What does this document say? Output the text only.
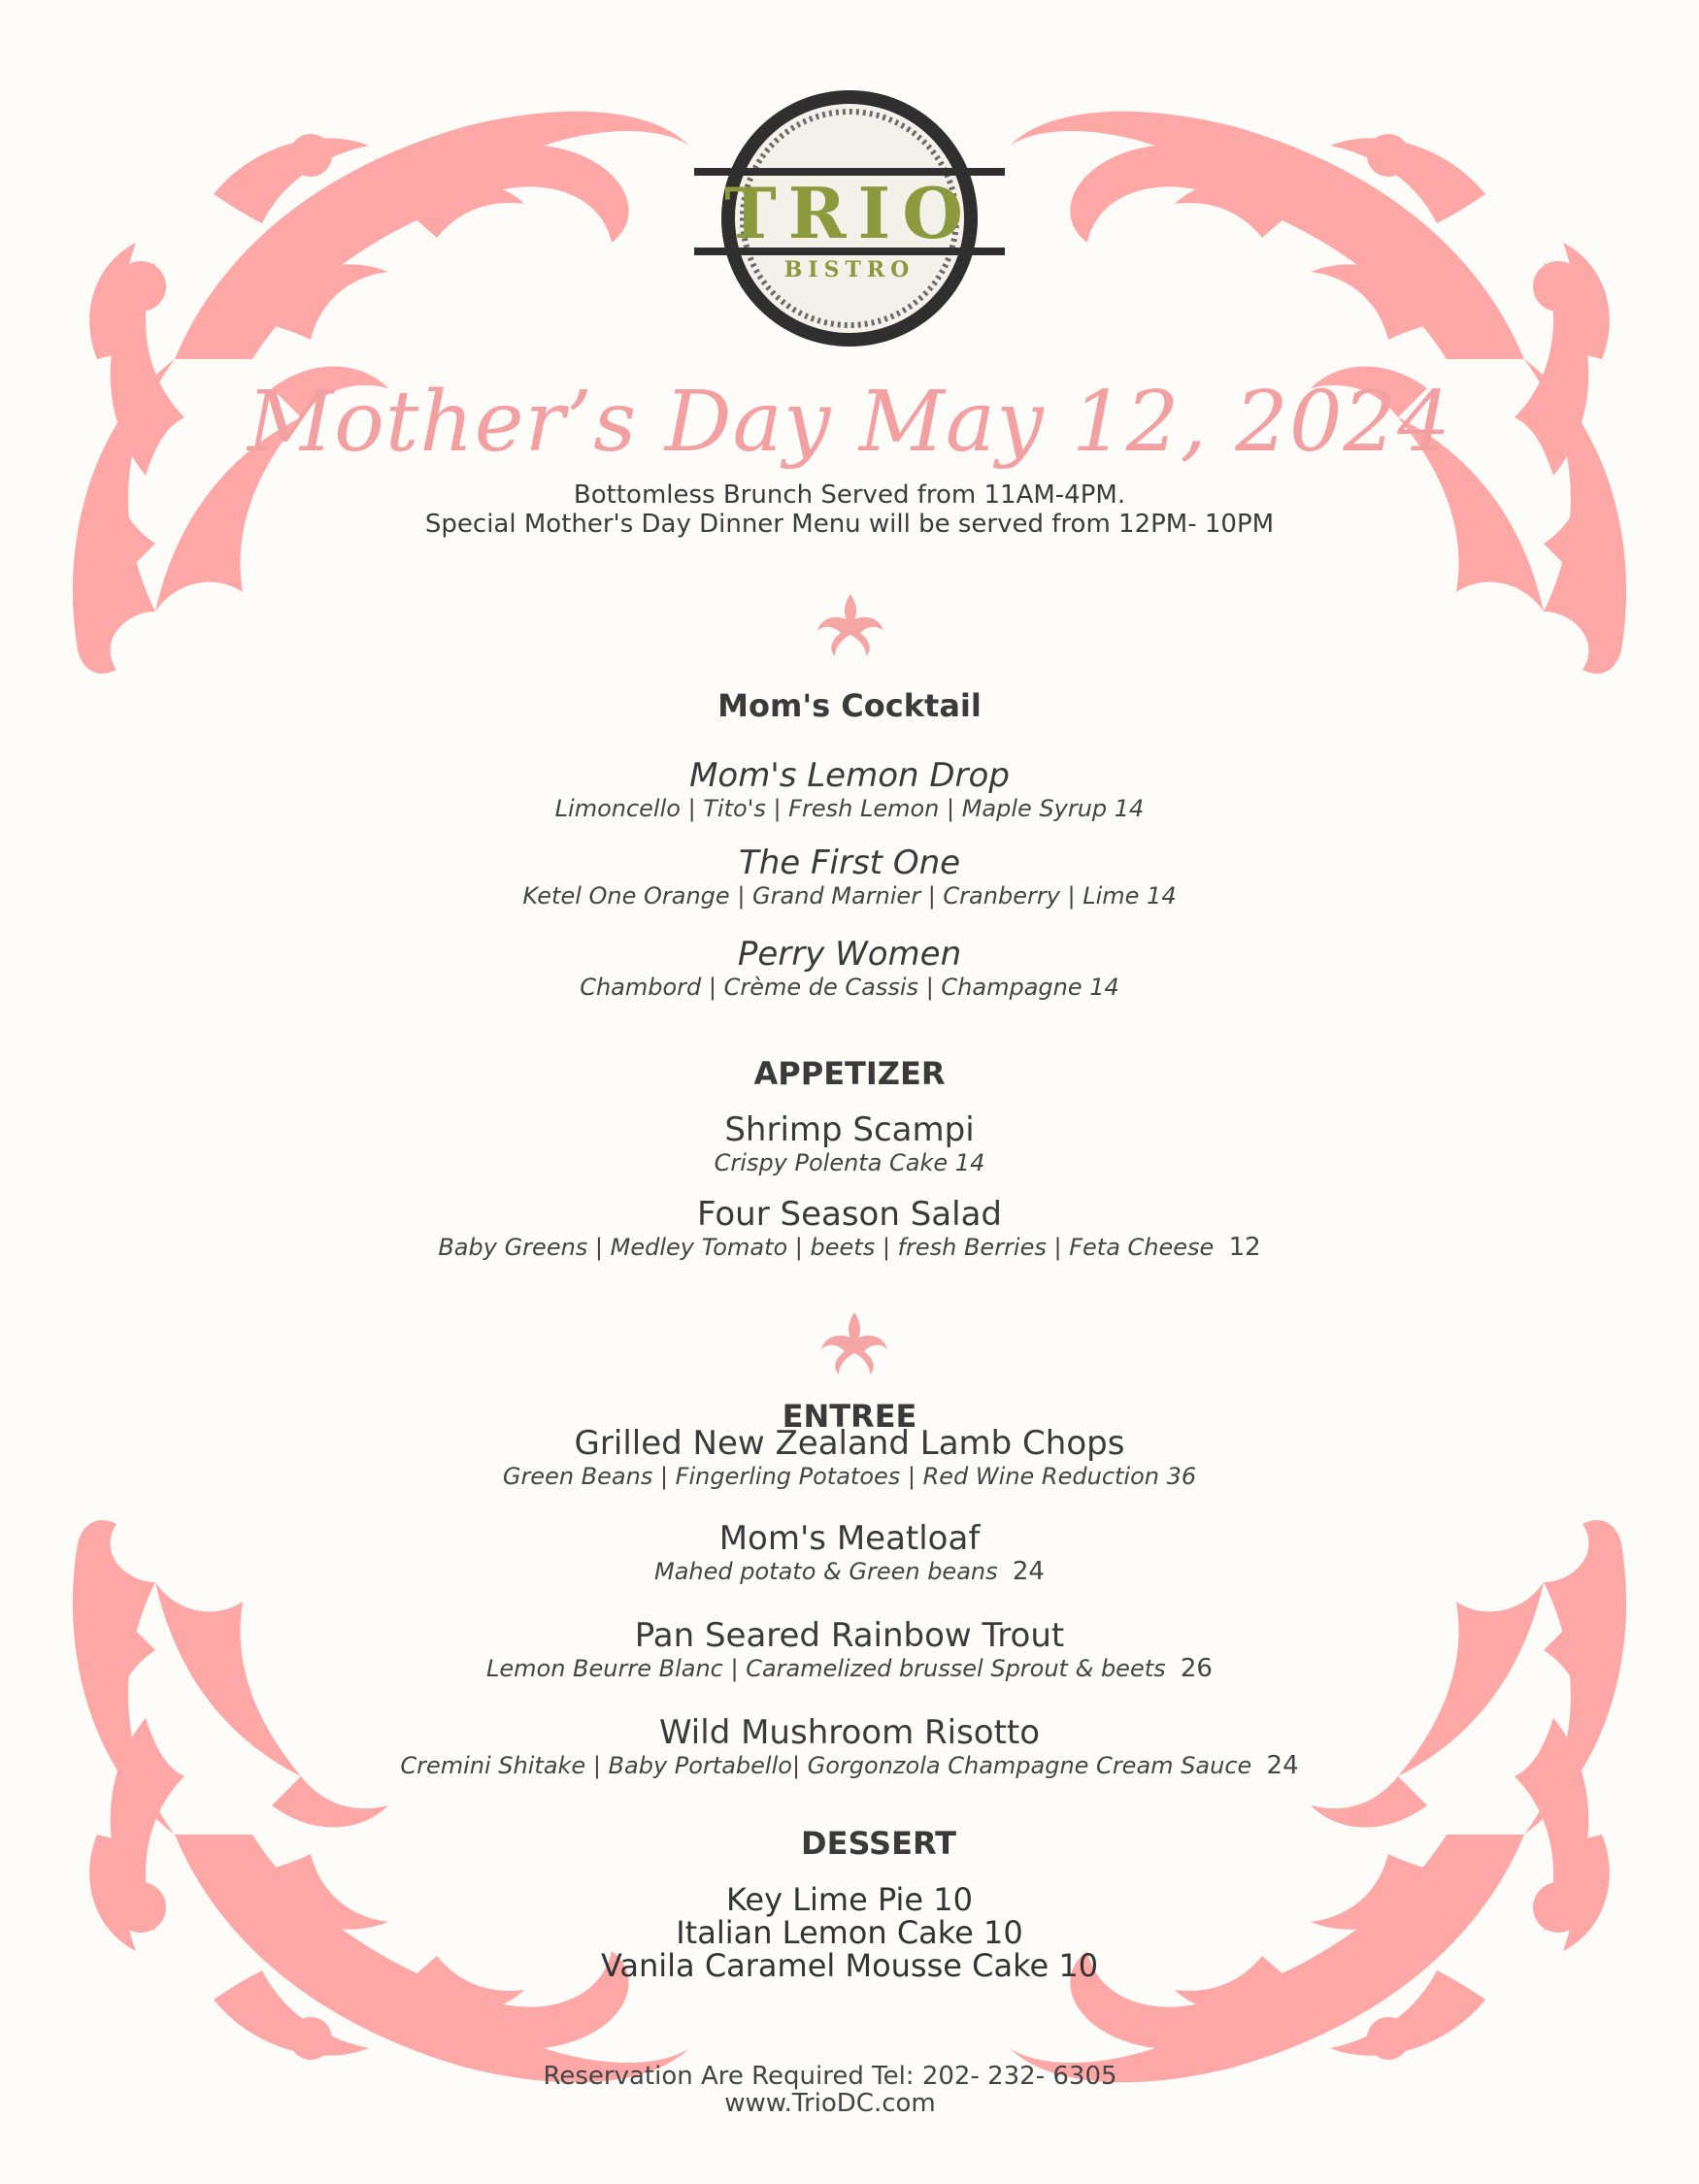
TRIO
BISTRO
Mother’s Day May 12, 2024
Bottomless Brunch Served from 11AM-4PM.
Special Mother's Day Dinner Menu will be served from 12PM- 10PM
Mom's Cocktail
Mom's Lemon Drop
Limoncello | Tito's | Fresh Lemon | Maple Syrup 14
The First One
Ketel One Orange | Grand Marnier | Cranberry | Lime 14
Perry Women
Chambord | Crème de Cassis | Champagne 14
APPETIZER
Shrimp Scampi
Crispy Polenta Cake 14
Four Season Salad
Baby Greens | Medley Tomato | beets | fresh Berries | Feta Cheese 12
ENTREE
Grilled New Zealand Lamb Chops
Green Beans | Fingerling Potatoes | Red Wine Reduction 36
Mom's Meatloaf
Mahed potato & Green beans 24
Pan Seared Rainbow Trout
Lemon Beurre Blanc | Caramelized brussel Sprout & beets 26
Wild Mushroom Risotto
Cremini Shitake | Baby Portabello| Gorgonzola Champagne Cream Sauce 24
DESSERT
Key Lime Pie 10
Italian Lemon Cake 10
Vanila Caramel Mousse Cake 10
Reservation Are Required Tel: 202- 232- 6305
www.TrioDC.com
